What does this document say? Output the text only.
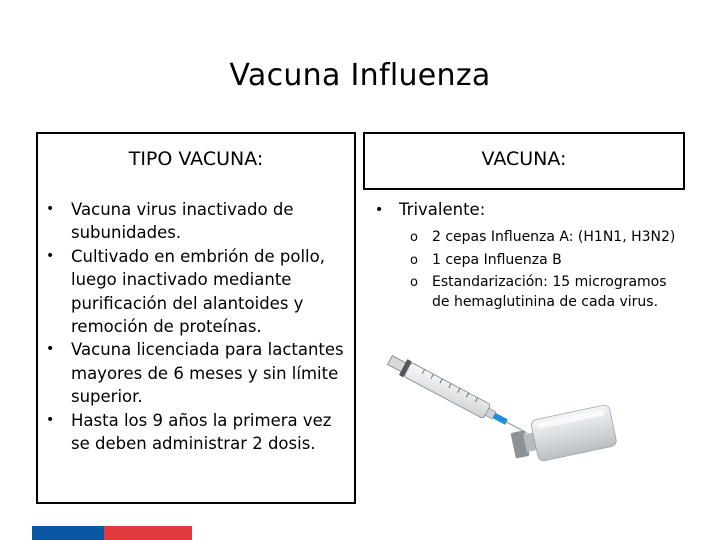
Vacuna Influenza
TIPO VACUNA:	VACUNA:
• Vacuna virus inactivado de subunidades.
• Cultivado en embrión de pollo, luego inactivado mediante purificación del alantoides y remoción de proteínas.
• Vacuna licenciada para lactantes mayores de 6 meses y sin límite superior.
• Hasta los 9 años la primera vez se deben administrar 2 dosis.
• Trivalente:
o 2 cepas Influenza A: (H1N1, H3N2)
o 1 cepa Influenza B
o Estandarización: 15 microgramos de hemaglutinina de cada virus.
